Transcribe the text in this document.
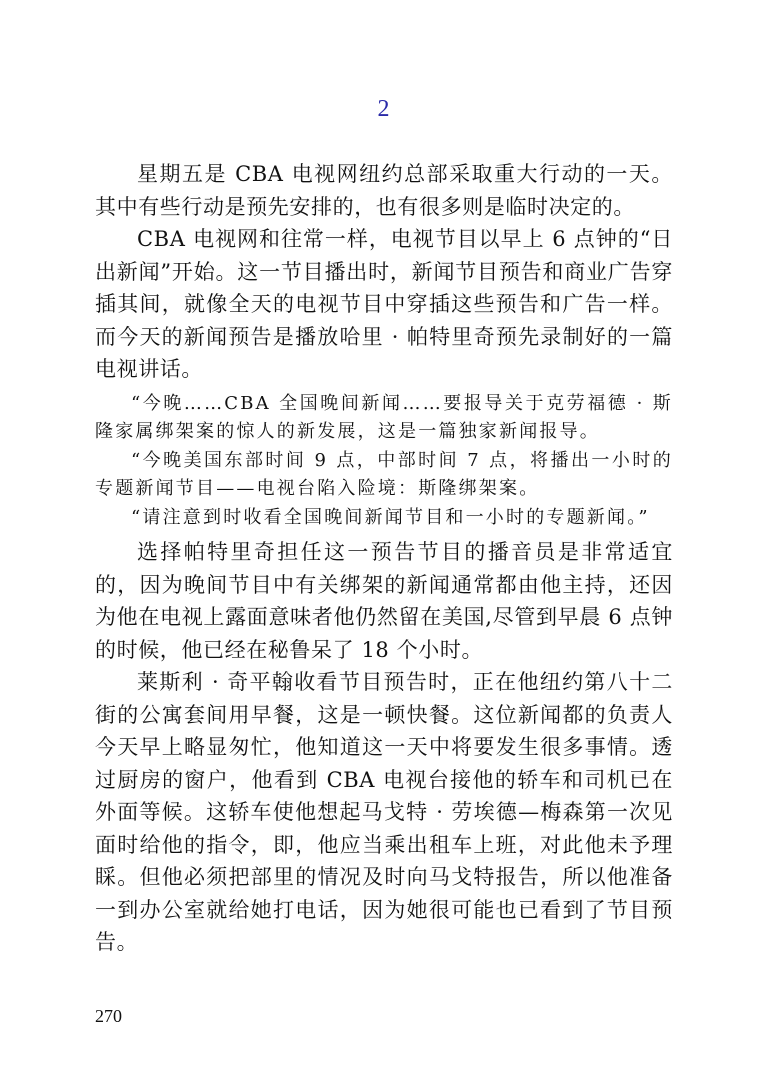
2

星期五是 CBA 电视网纽约总部采取重大行动的一天。其中有些行动是预先安排的，也有很多则是临时决定的。

CBA 电视网和往常一样，电视节目以早上 6 点钟的“日出新闻”开始。这一节目播出时，新闻节目预告和商业广告穿插其间，就像全天的电视节目中穿插这些预告和广告一样。而今天的新闻预告是播放哈里 · 帕特里奇预先录制好的一篇电视讲话。

“今晚……CBA 全国晚间新闻……要报导关于克劳福德 · 斯隆家属绑架案的惊人的新发展，这是一篇独家新闻报导。

“今晚美国东部时间 9 点，中部时间 7 点，将播出一小时的专题新闻节目——电视台陷入险境：斯隆绑架案。

“请注意到时收看全国晚间新闻节目和一小时的专题新闻。”

选择帕特里奇担任这一预告节目的播音员是非常适宜的，因为晚间节目中有关绑架的新闻通常都由他主持，还因为他在电视上露面意味者他仍然留在美国,尽管到早晨 6 点钟的时候，他已经在秘鲁呆了 18 个小时。

莱斯利 · 奇平翰收看节目预告时，正在他纽约第八十二街的公寓套间用早餐，这是一顿快餐。这位新闻都的负责人今天早上略显匆忙，他知道这一天中将要发生很多事情。透过厨房的窗户，他看到 CBA 电视台接他的轿车和司机已在外面等候。这轿车使他想起马戈特 · 劳埃德—梅森第一次见面时给他的指令，即，他应当乘出租车上班，对此他未予理睬。但他必须把部里的情况及时向马戈特报告，所以他准备一到办公室就给她打电话，因为她很可能也已看到了节目预告。

270
